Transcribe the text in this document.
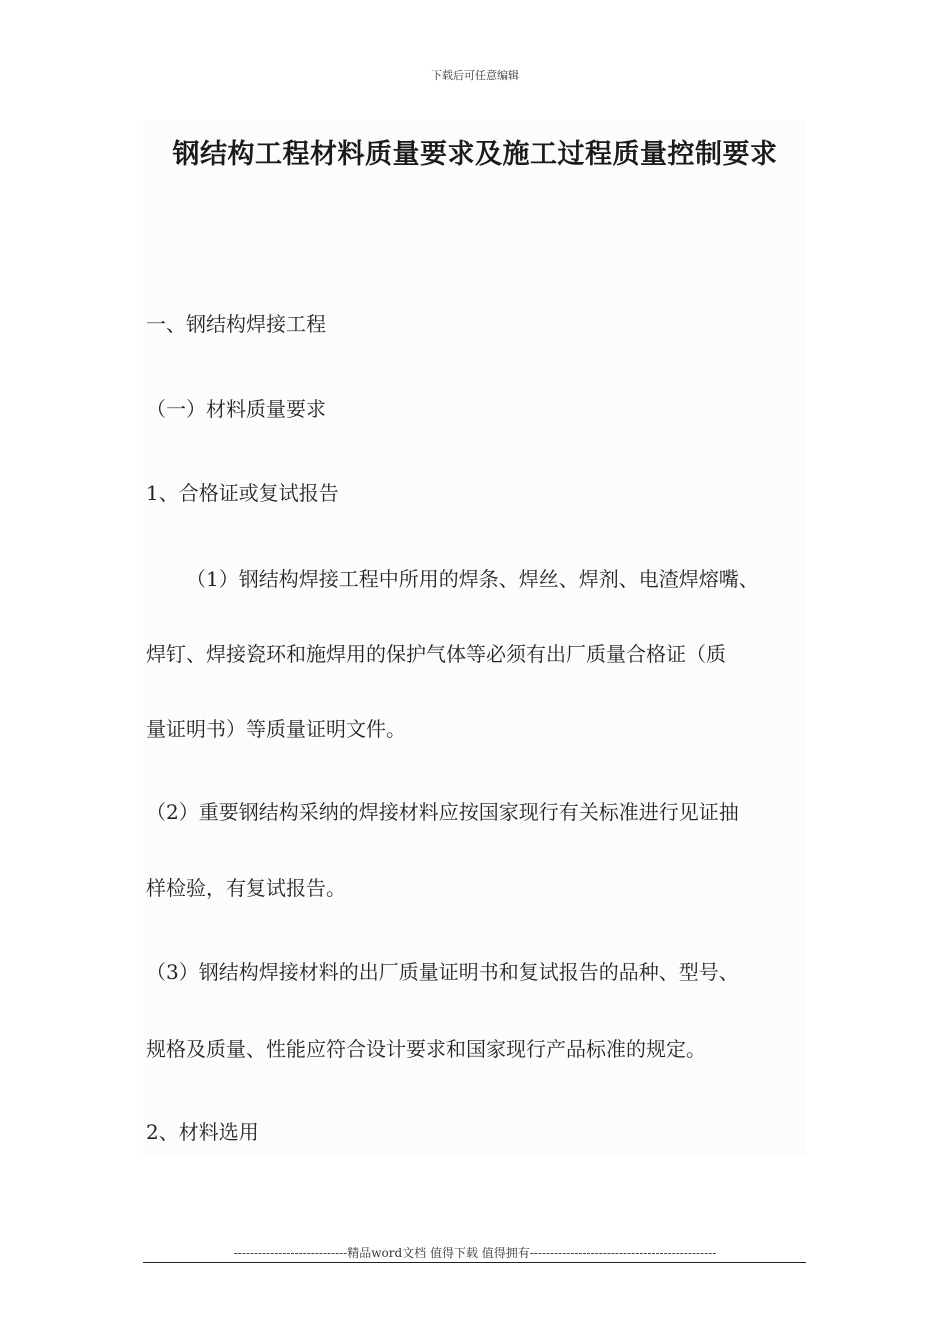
下载后可任意编辑
钢结构工程材料质量要求及施工过程质量控制要求
一、钢结构焊接工程
（一）材料质量要求
1、合格证或复试报告
（1）钢结构焊接工程中所用的焊条、焊丝、焊剂、电渣焊熔嘴、
焊钉、焊接瓷环和施焊用的保护气体等必须有出厂质量合格证（质
量证明书）等质量证明文件。
（2）重要钢结构采纳的焊接材料应按国家现行有关标准进行见证抽
样检验，有复试报告。
（3）钢结构焊接材料的出厂质量证明书和复试报告的品种、型号、
规格及质量、性能应符合设计要求和国家现行产品标准的规定。
2、材料选用
----------------------------精品word文档 值得下载 值得拥有----------------------------------------------
